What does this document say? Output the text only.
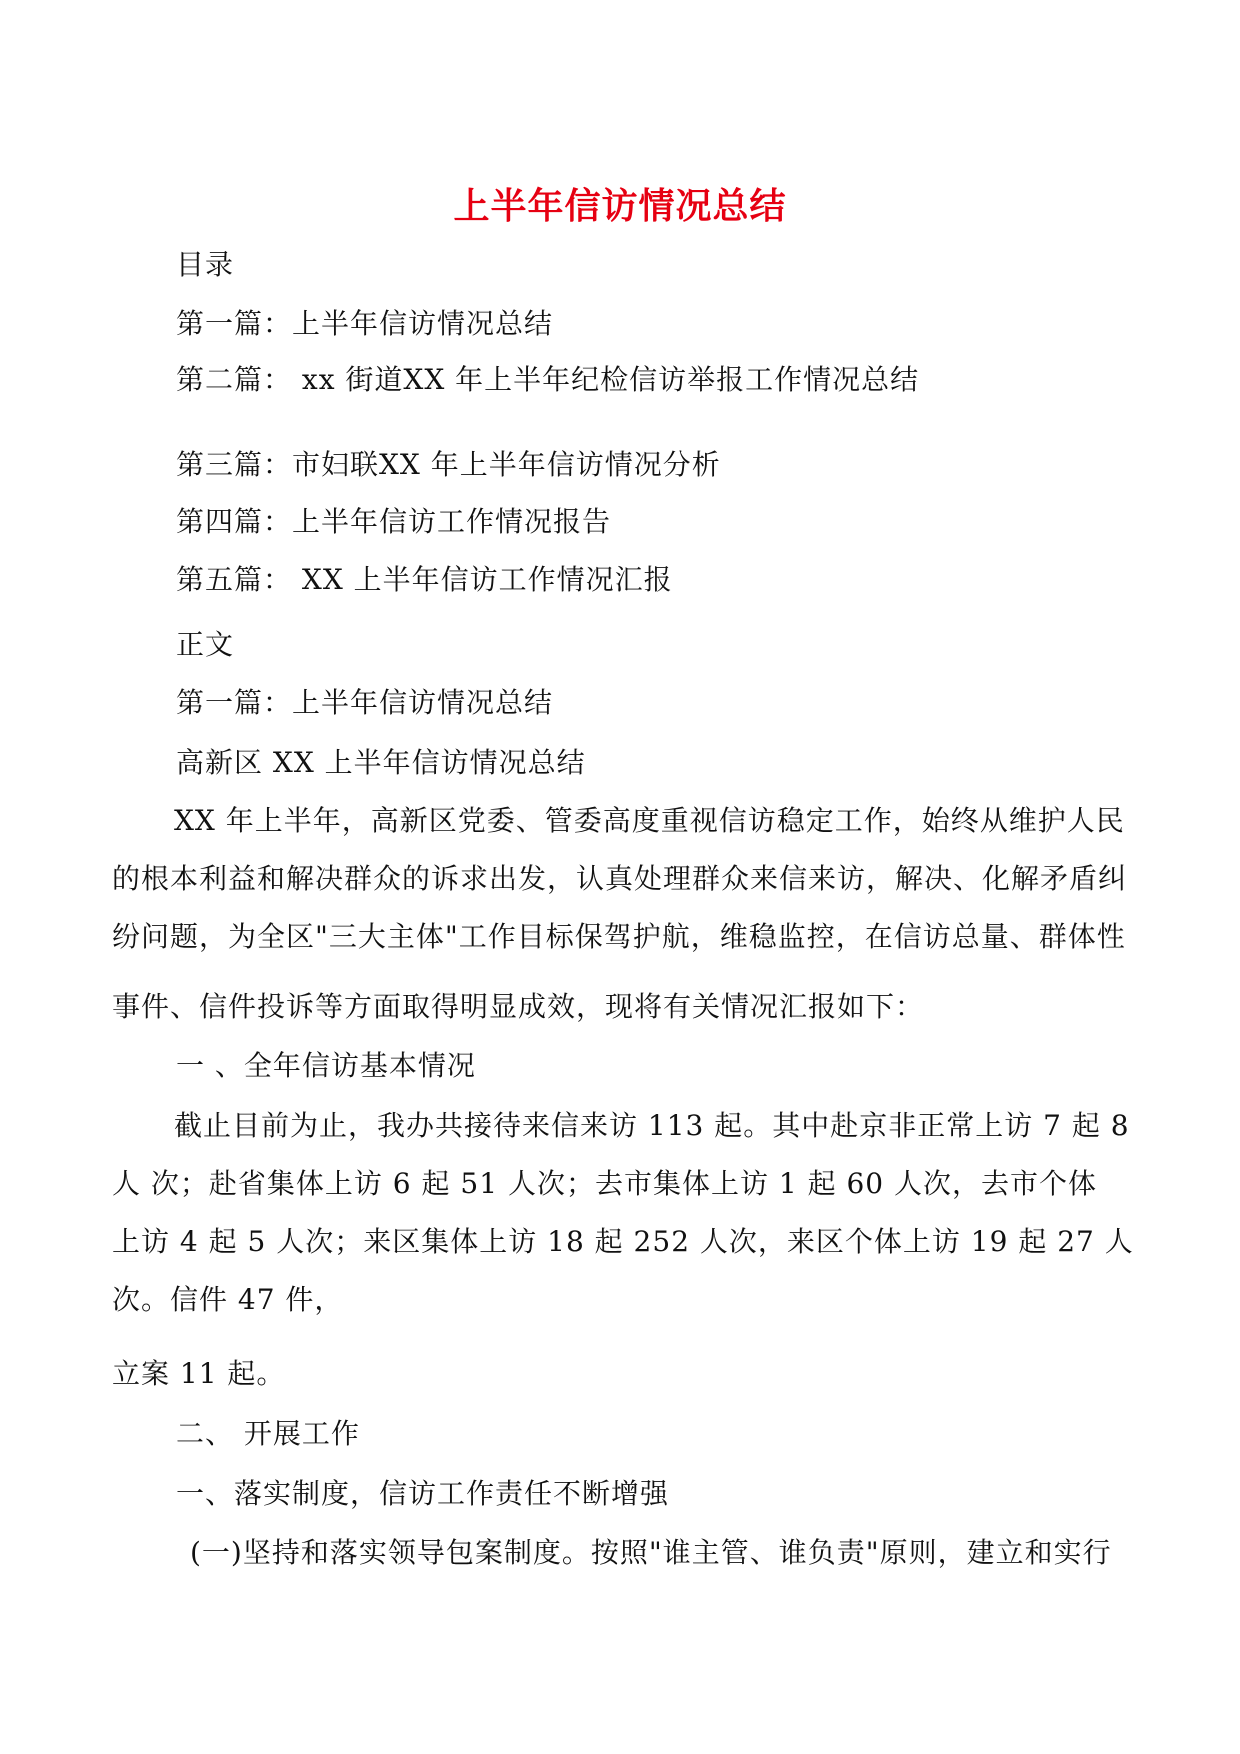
上半年信访情况总结
目录
第一篇：上半年信访情况总结
第二篇： xx 街道XX 年上半年纪检信访举报工作情况总结
第三篇：市妇联XX 年上半年信访情况分析
第四篇：上半年信访工作情况报告
第五篇： XX 上半年信访工作情况汇报
正文
第一篇：上半年信访情况总结
高新区 XX 上半年信访情况总结
XX 年上半年，高新区党委、管委高度重视信访稳定工作，始终从维护人民
的根本利益和解决群众的诉求出发，认真处理群众来信来访，解决、化解矛盾纠
纷问题，为全区"三大主体"工作目标保驾护航，维稳监控，在信访总量、群体性
事件、信件投诉等方面取得明显成效，现将有关情况汇报如下：
一 、全年信访基本情况
截止目前为止，我办共接待来信来访 113 起。其中赴京非正常上访 7 起 8
人 次；赴省集体上访 6 起 51 人次；去市集体上访 1 起 60 人次，去市个体
上访 4 起 5 人次；来区集体上访 18 起 252 人次，来区个体上访 19 起 27 人
次。信件 47 件，
立案 11 起。
二、 开展工作
一、落实制度，信访工作责任不断增强
(一)坚持和落实领导包案制度。按照"谁主管、谁负责"原则，建立和实行
